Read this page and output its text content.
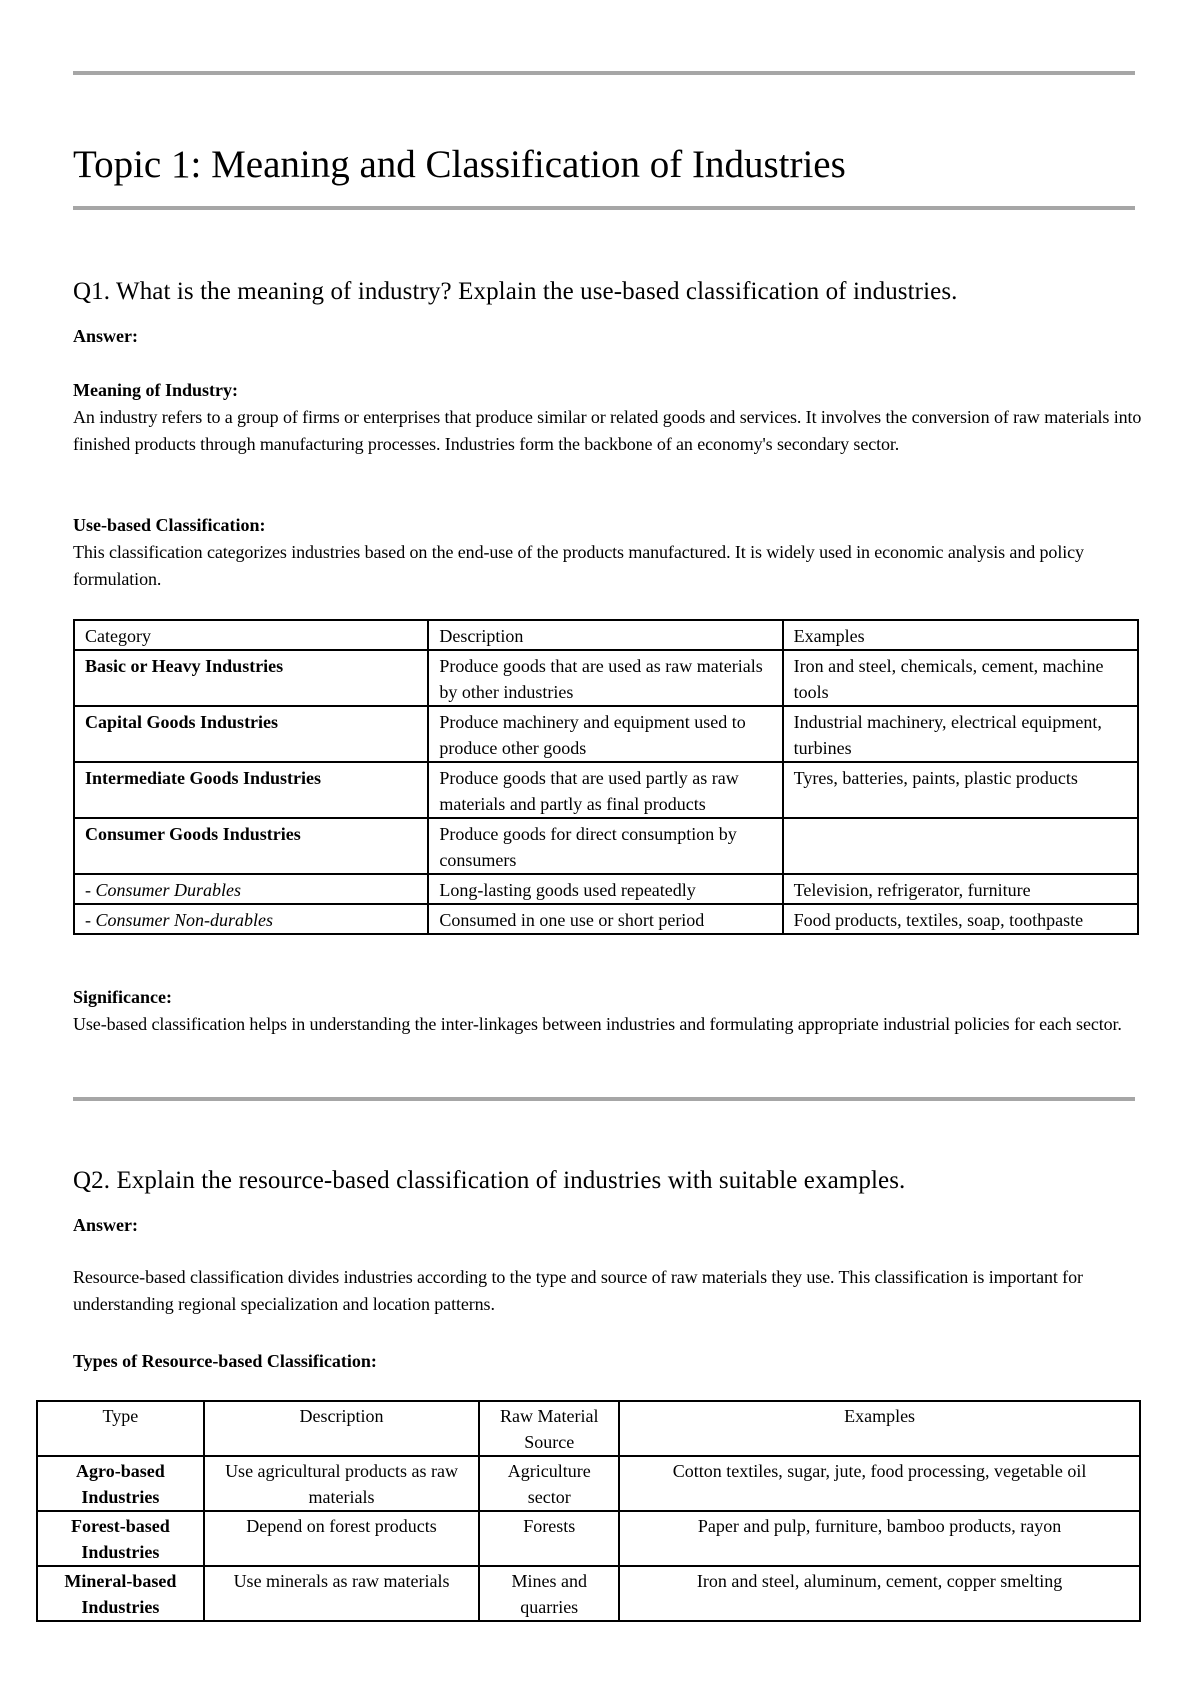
Topic 1: Meaning and Classification of Industries
Q1. What is the meaning of industry? Explain the use-based classification of industries.
Answer:
Meaning of Industry:
An industry refers to a group of firms or enterprises that produce similar or related goods and services. It involves the conversion of raw materials into finished products through manufacturing processes. Industries form the backbone of an economy's secondary sector.
Use-based Classification:
This classification categorizes industries based on the end-use of the products manufactured. It is widely used in economic analysis and policy formulation.
Category	Description	Examples
Basic or Heavy Industries	Produce goods that are used as raw materials by other industries	Iron and steel, chemicals, cement, machine tools
Capital Goods Industries	Produce machinery and equipment used to produce other goods	Industrial machinery, electrical equipment, turbines
Intermediate Goods Industries	Produce goods that are used partly as raw materials and partly as final products	Tyres, batteries, paints, plastic products
Consumer Goods Industries	Produce goods for direct consumption by consumers	
- Consumer Durables	Long-lasting goods used repeatedly	Television, refrigerator, furniture
- Consumer Non-durables	Consumed in one use or short period	Food products, textiles, soap, toothpaste
Significance:
Use-based classification helps in understanding the inter-linkages between industries and formulating appropriate industrial policies for each sector.
Q2. Explain the resource-based classification of industries with suitable examples.
Answer:
Resource-based classification divides industries according to the type and source of raw materials they use. This classification is important for understanding regional specialization and location patterns.
Types of Resource-based Classification:
Type	Description	Raw Material Source	Examples
Agro-based Industries	Use agricultural products as raw materials	Agriculture sector	Cotton textiles, sugar, jute, food processing, vegetable oil
Forest-based Industries	Depend on forest products	Forests	Paper and pulp, furniture, bamboo products, rayon
Mineral-based Industries	Use minerals as raw materials	Mines and quarries	Iron and steel, aluminum, cement, copper smelting
